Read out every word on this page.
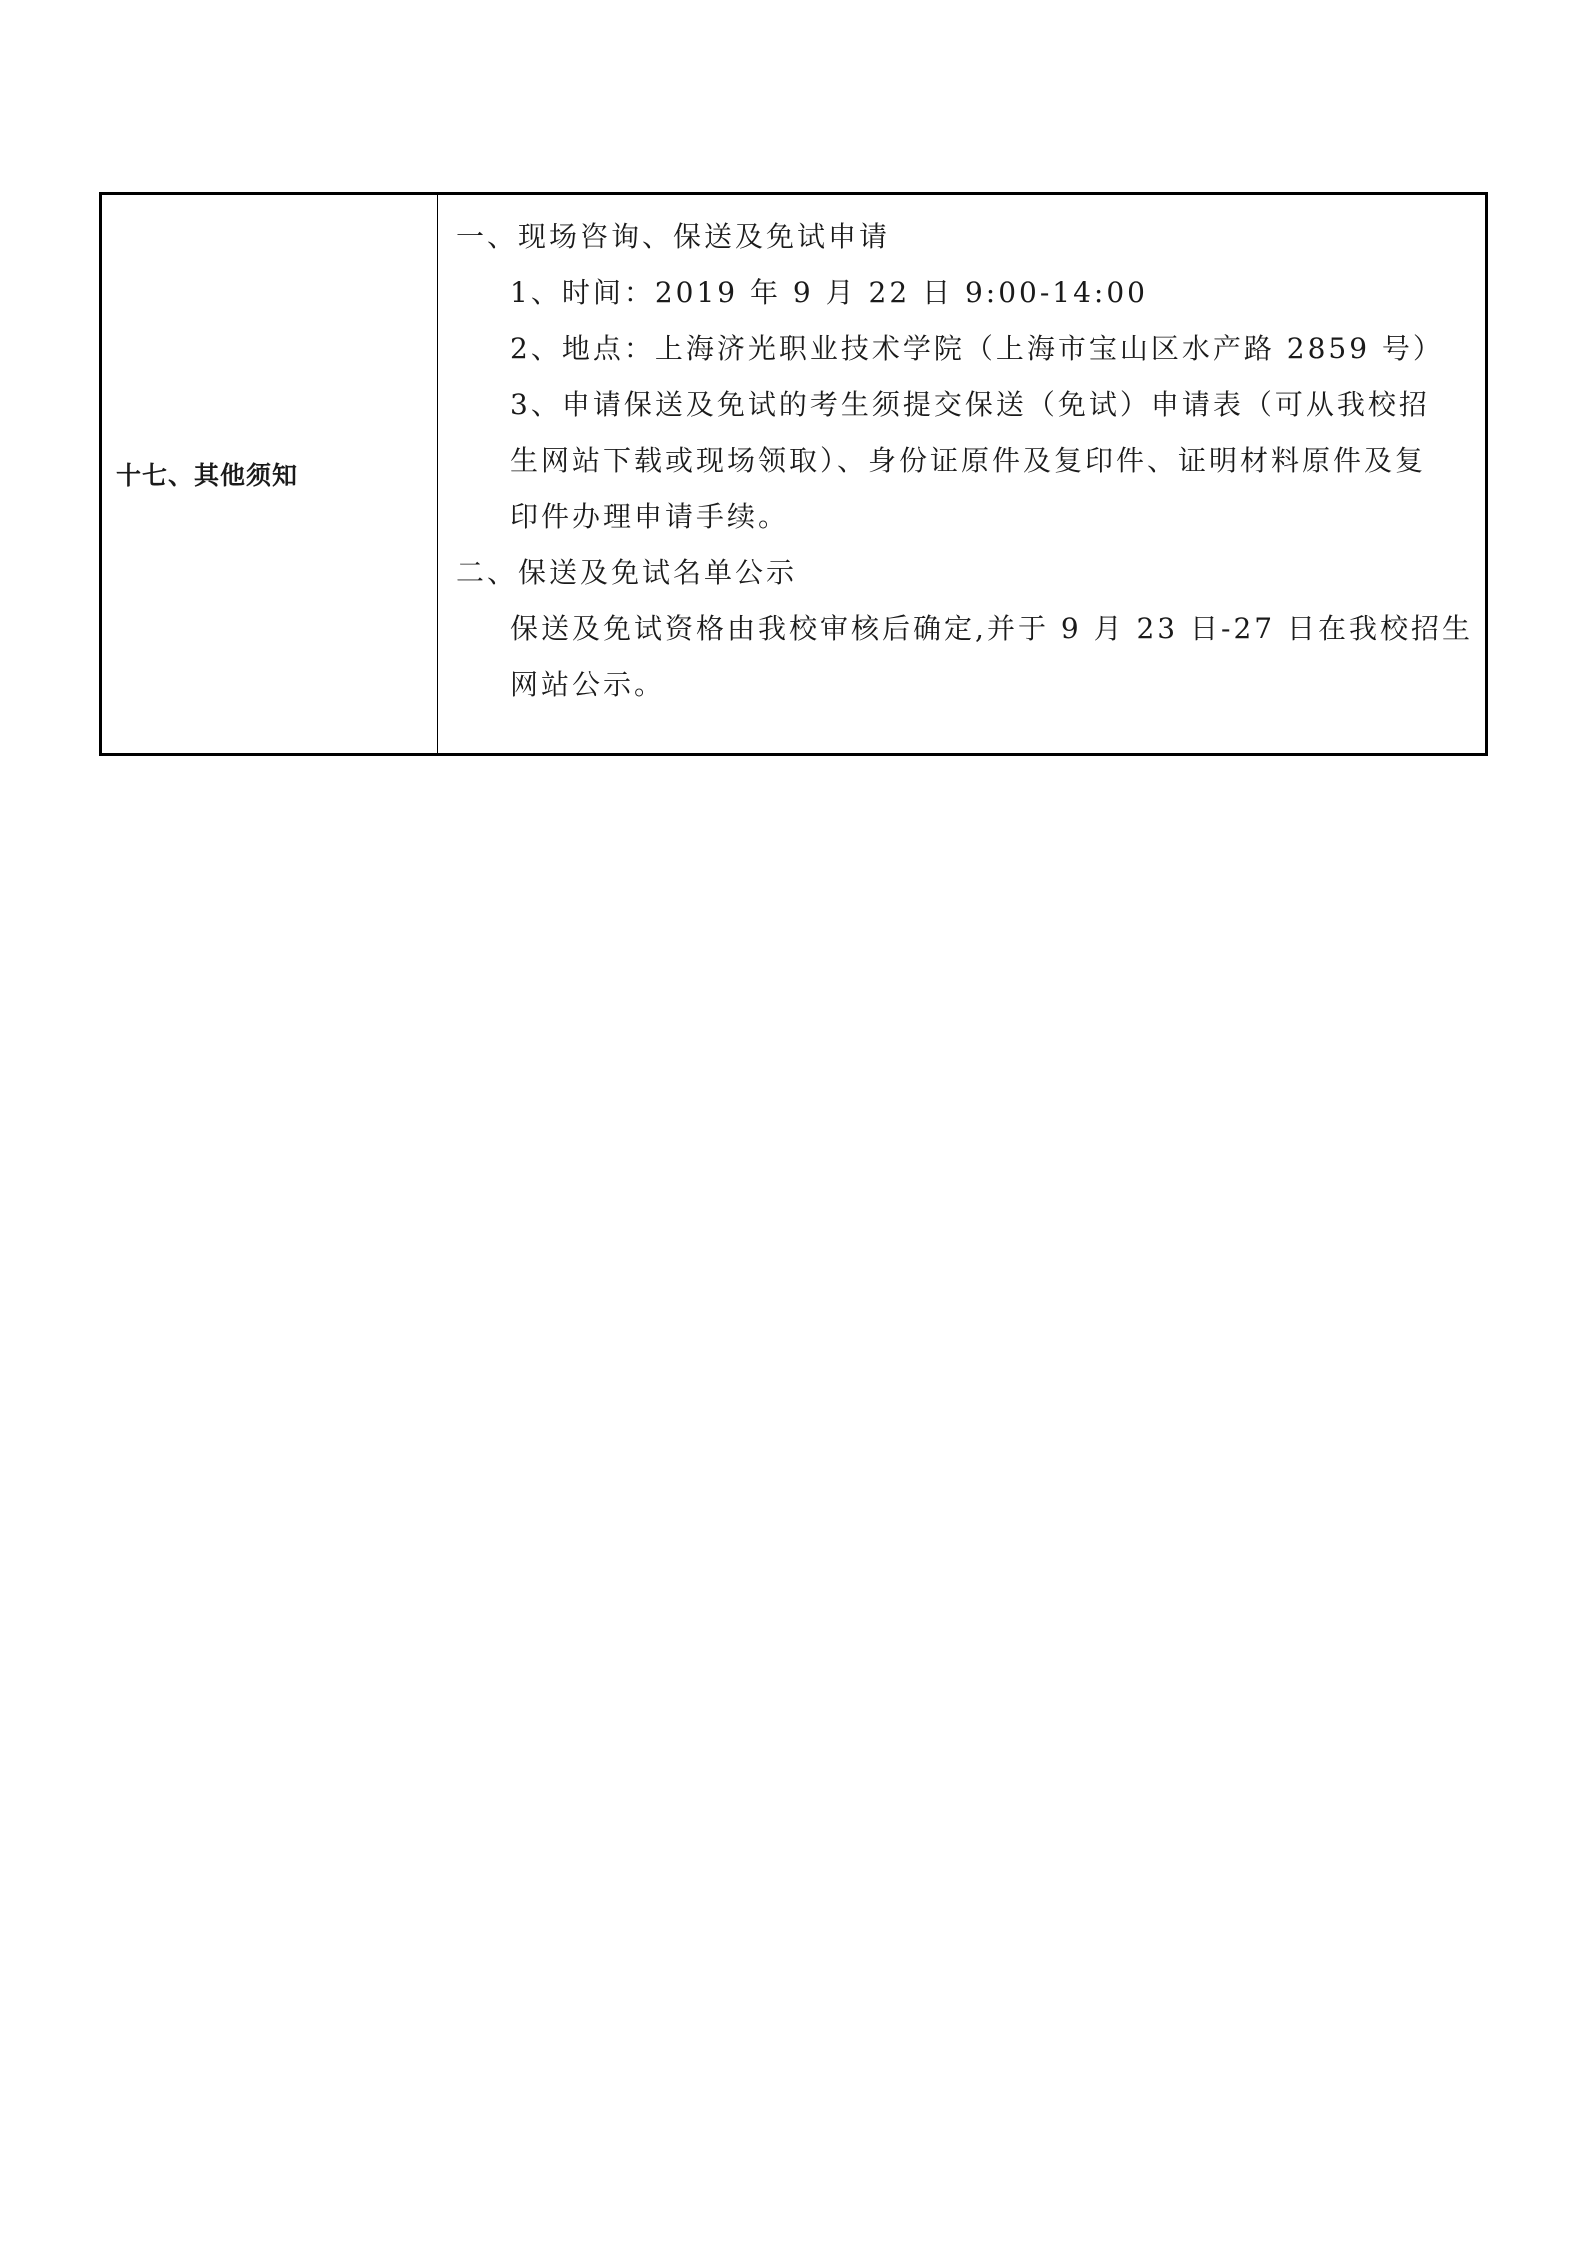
十七、其他须知
一、现场咨询、保送及免试申请
1、时间：2019 年 9 月 22 日 9:00-14:00
2、地点：上海济光职业技术学院（上海市宝山区水产路 2859 号）
3、申请保送及免试的考生须提交保送（免试）申请表（可从我校招
生网站下载或现场领取）、身份证原件及复印件、证明材料原件及复
印件办理申请手续。
二、保送及免试名单公示
保送及免试资格由我校审核后确定,并于 9 月 23 日-27 日在我校招生
网站公示。
